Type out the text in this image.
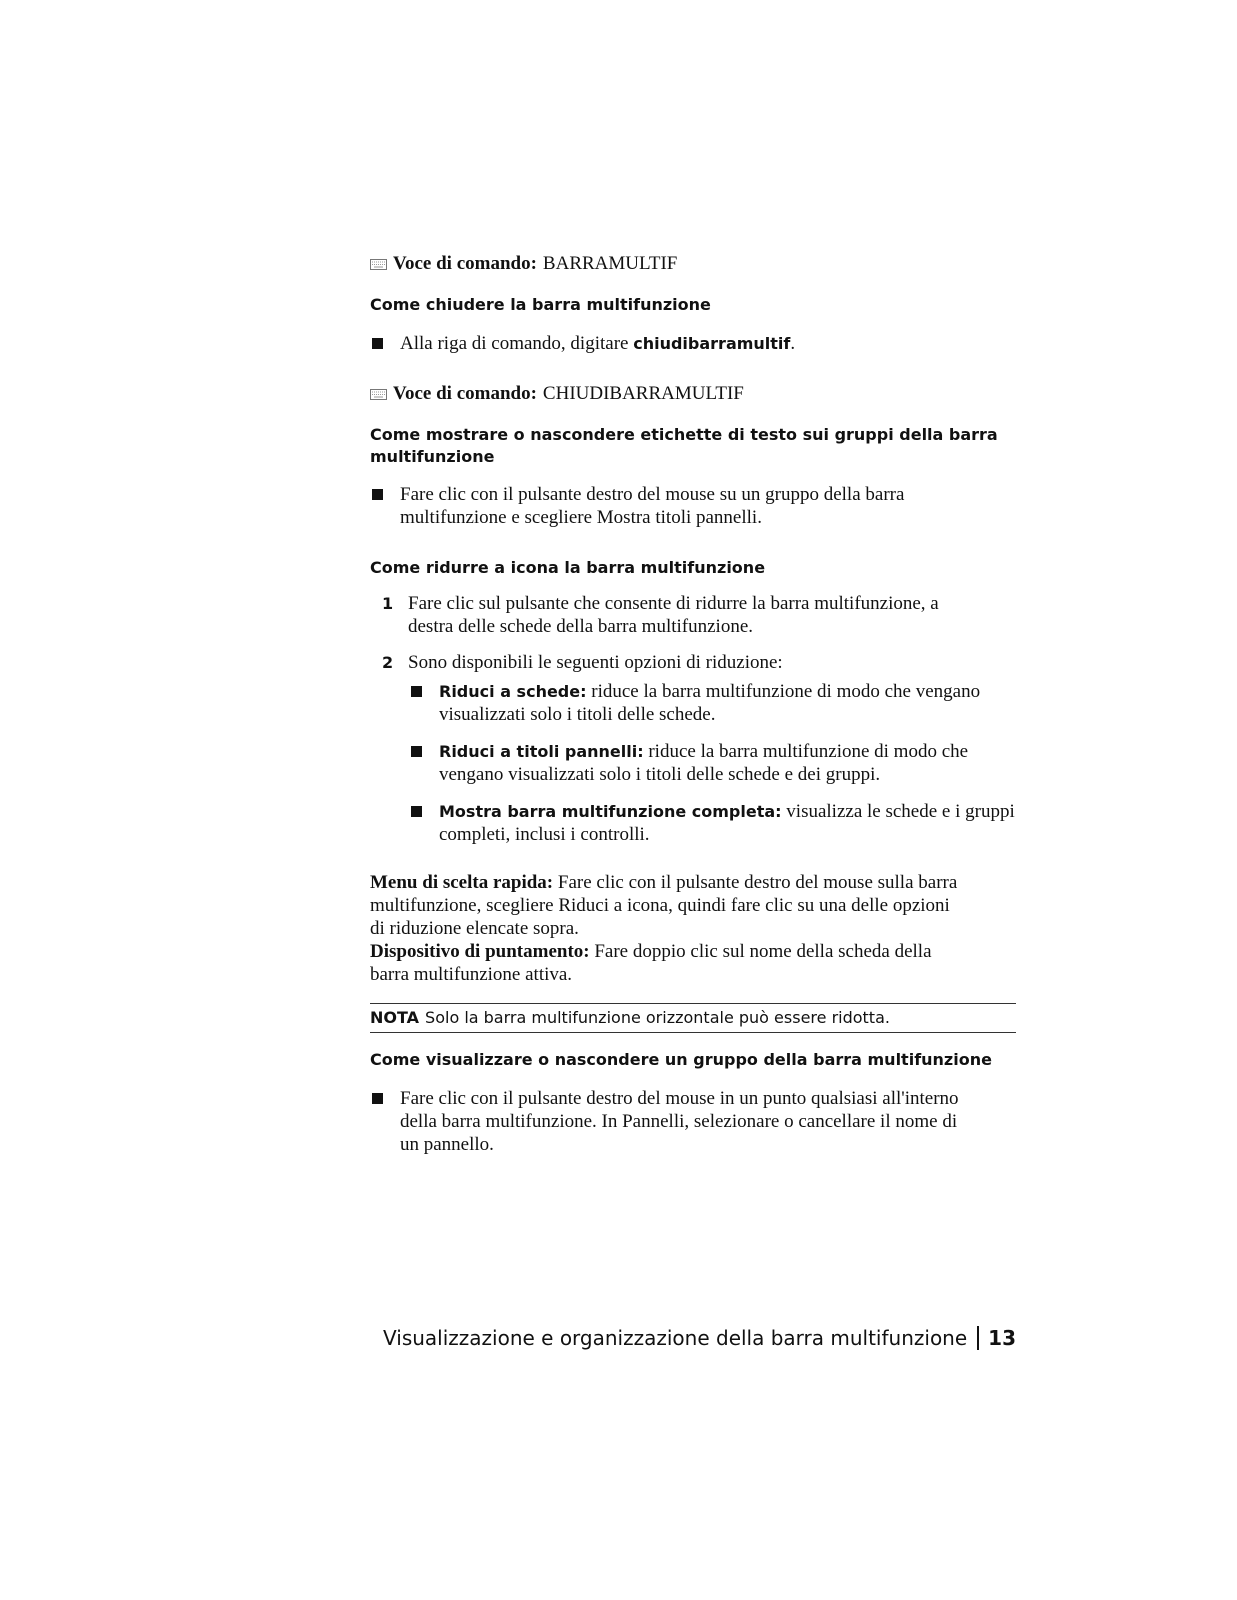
Voce di comando: BARRAMULTIF
Come chiudere la barra multifunzione
Alla riga di comando, digitare chiudibarramultif.
Voce di comando: CHIUDIBARRAMULTIF
Come mostrare o nascondere etichette di testo sui gruppi della barra
multifunzione
Fare clic con il pulsante destro del mouse su un gruppo della barra
multifunzione e scegliere Mostra titoli pannelli.
Come ridurre a icona la barra multifunzione
1 Fare clic sul pulsante che consente di ridurre la barra multifunzione, a
destra delle schede della barra multifunzione.
2 Sono disponibili le seguenti opzioni di riduzione:
Riduci a schede: riduce la barra multifunzione di modo che vengano
visualizzati solo i titoli delle schede.
Riduci a titoli pannelli: riduce la barra multifunzione di modo che
vengano visualizzati solo i titoli delle schede e dei gruppi.
Mostra barra multifunzione completa: visualizza le schede e i gruppi
completi, inclusi i controlli.
Menu di scelta rapida: Fare clic con il pulsante destro del mouse sulla barra
multifunzione, scegliere Riduci a icona, quindi fare clic su una delle opzioni
di riduzione elencate sopra.
Dispositivo di puntamento: Fare doppio clic sul nome della scheda della
barra multifunzione attiva.
NOTA Solo la barra multifunzione orizzontale può essere ridotta.
Come visualizzare o nascondere un gruppo della barra multifunzione
Fare clic con il pulsante destro del mouse in un punto qualsiasi all'interno
della barra multifunzione. In Pannelli, selezionare o cancellare il nome di
un pannello.
Visualizzazione e organizzazione della barra multifunzione 13
